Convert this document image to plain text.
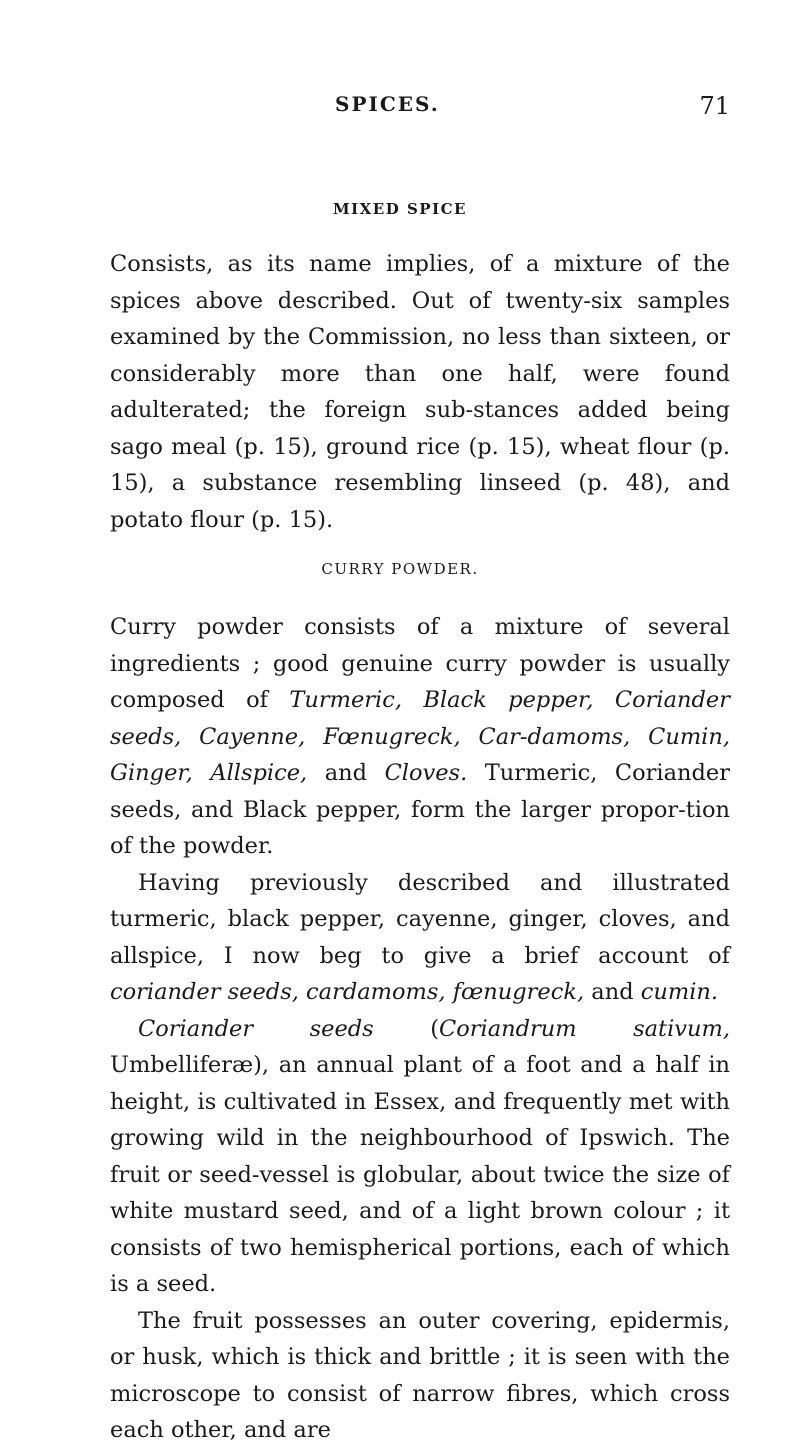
SPICES.	71
MIXED SPICE

Consists, as its name implies, of a mixture of the spices above described. Out of twenty-six samples examined by the Commission, no less than sixteen, or considerably more than one half, were found adulterated; the foreign sub-stances added being sago meal (p. 15), ground rice (p. 15), wheat flour (p. 15), a substance resembling linseed (p. 48), and potato flour (p. 15).

CURRY POWDER.
Curry powder consists of a mixture of several ingredients ; good genuine curry powder is usually composed of Turmeric, Black pepper, Coriander seeds, Cayenne, Fœnugreck, Car-damoms, Cumin, Ginger, Allspice, and Cloves. Turmeric, Coriander seeds, and Black pepper, form the larger propor-tion of the powder.
Having previously described and illustrated turmeric, black pepper, cayenne, ginger, cloves, and allspice, I now beg to give a brief account of coriander seeds, cardamoms, fœnugreck, and cumin.
Coriander seeds (Coriandrum sativum, Umbelliferæ), an annual plant of a foot and a half in height, is cultivated in Essex, and frequently met with growing wild in the neighbourhood of Ipswich. The fruit or seed-vessel is globular, about twice the size of white mustard seed, and of a light brown colour ; it consists of two hemispherical portions, each of which is a seed.
The fruit possesses an outer covering, epidermis, or husk, which is thick and brittle ; it is seen with the microscope to consist of narrow fibres, which cross each other, and are
